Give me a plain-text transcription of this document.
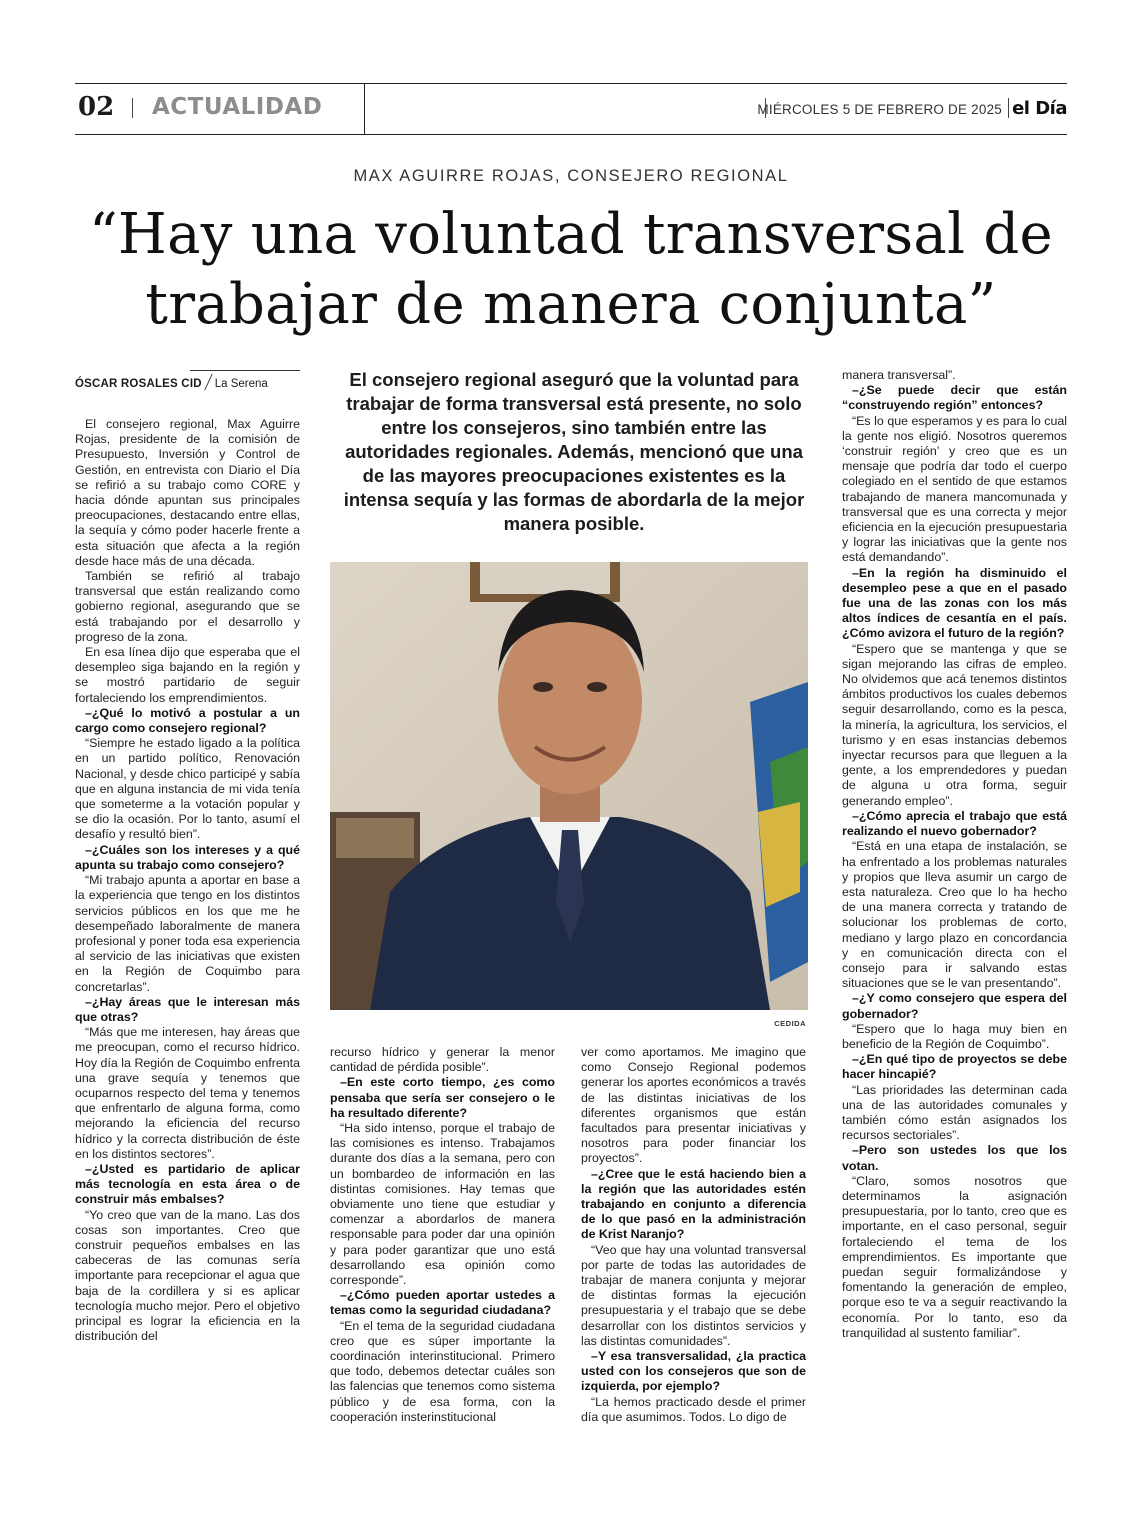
02 ACTUALIDAD	MIÉRCOLES 5 DE FEBRERO DE 2025 el Día
MAX AGUIRRE ROJAS, CONSEJERO REGIONAL
“Hay una voluntad transversal de trabajar de manera conjunta”
ÓSCAR ROSALES CID La Serena	El consejero regional aseguró que la voluntad para trabajar de forma transversal está presente, no solo entre los consejeros, sino también entre las autoridades regionales. Además, mencionó que una de las mayores preocupaciones existentes es la intensa sequía y las formas de abordarla de la mejor manera posible.
CEDIDA

El consejero regional, Max Aguirre Rojas, presidente de la comisión de Presupuesto, Inversión y Control de Gestión, en entrevista con Diario el Día se refirió a su trabajo como CORE y hacia dónde apuntan sus principales preocupaciones, destacando entre ellas, la sequía y cómo poder hacerle frente a esta situación que afecta a la región desde hace más de una década.

También se refirió al trabajo transversal que están realizando como gobierno regional, asegurando que se está trabajando por el desarrollo y progreso de la zona.

En esa línea dijo que esperaba que el desempleo siga bajando en la región y se mostró partidario de seguir fortaleciendo los emprendimientos.

–¿Qué lo motivó a postular a un cargo como consejero regional?

“Siempre he estado ligado a la política en un partido político, Renovación Nacional, y desde chico participé y sabía que en alguna instancia de mi vida tenía que someterme a la votación popular y se dio la ocasión. Por lo tanto, asumí el desafío y resultó bien”.

–¿Cuáles son los intereses y a qué apunta su trabajo como consejero?

“Mi trabajo apunta a aportar en base a la experiencia que tengo en los distintos servicios públicos en los que me he desempeñado laboralmente de manera profesional y poner toda esa experiencia al servicio de las iniciativas que existen en la Región de Coquimbo para concretarlas”.

–¿Hay áreas que le interesan más que otras?

“Más que me interesen, hay áreas que me preocupan, como el recurso hídrico. Hoy día la Región de Coquimbo enfrenta una grave sequía y tenemos que ocuparnos respecto del tema y tenemos que enfrentarlo de alguna forma, como mejorando la eficiencia del recurso hídrico y la correcta distribución de éste en los distintos sectores”.

–¿Usted es partidario de aplicar más tecnología en esta área o de construir más embalses?

“Yo creo que van de la mano. Las dos cosas son importantes. Creo que construir pequeños embalses en las cabeceras de las comunas sería importante para recepcionar el agua que baja de la cordillera y si es aplicar tecnología mucho mejor. Pero el objetivo principal es lograr la eficiencia en la distribución del

recurso hídrico y generar la menor cantidad de pérdida posible”.

–En este corto tiempo, ¿es como pensaba que sería ser consejero o le ha resultado diferente?

“Ha sido intenso, porque el trabajo de las comisiones es intenso. Trabajamos durante dos días a la semana, pero con un bombardeo de información en las distintas comisiones. Hay temas que obviamente uno tiene que estudiar y comenzar a abordarlos de manera responsable para poder dar una opinión y para poder garantizar que uno está desarrollando esa opinión como corresponde”.

–¿Cómo pueden aportar ustedes a temas como la seguridad ciudadana?

“En el tema de la seguridad ciudadana creo que es súper importante la coordinación interinstitucional. Primero que todo, debemos detectar cuáles son las falencias que tenemos como sistema público y de esa forma, con la cooperación insterinstitucional

ver como aportamos. Me imagino que como Consejo Regional podemos generar los aportes económicos a través de las distintas iniciativas de los diferentes organismos que están facultados para presentar iniciativas y nosotros para poder financiar los proyectos”.

–¿Cree que le está haciendo bien a la región que las autoridades estén trabajando en conjunto a diferencia de lo que pasó en la administración de Krist Naranjo?

“Veo que hay una voluntad transversal por parte de todas las autoridades de trabajar de manera conjunta y mejorar de distintas formas la ejecución presupuestaria y el trabajo que se debe desarrollar con los distintos servicios y las distintas comunidades”.

–Y esa transversalidad, ¿la practica usted con los consejeros que son de izquierda, por ejemplo?

“La hemos practicado desde el primer día que asumimos. Todos. Lo digo de

manera transversal”.

–¿Se puede decir que están “construyendo región” entonces?

“Es lo que esperamos y es para lo cual la gente nos eligió. Nosotros queremos ‘construir región’ y creo que es un mensaje que podría dar todo el cuerpo colegiado en el sentido de que estamos trabajando de manera mancomunada y transversal que es una correcta y mejor eficiencia en la ejecución presupuestaria y lograr las iniciativas que la gente nos está demandando”.

–En la región ha disminuido el desempleo pese a que en el pasado fue una de las zonas con los más altos índices de cesantía en el país. ¿Cómo avizora el futuro de la región?

“Espero que se mantenga y que se sigan mejorando las cifras de empleo. No olvidemos que acá tenemos distintos ámbitos productivos los cuales debemos seguir desarrollando, como es la pesca, la minería, la agricultura, los servicios, el turismo y en esas instancias debemos inyectar recursos para que lleguen a la gente, a los emprendedores y puedan de alguna u otra forma, seguir generando empleo”.

–¿Cómo aprecia el trabajo que está realizando el nuevo gobernador?

“Está en una etapa de instalación, se ha enfrentado a los problemas naturales y propios que lleva asumir un cargo de esta naturaleza. Creo que lo ha hecho de una manera correcta y tratando de solucionar los problemas de corto, mediano y largo plazo en concordancia y en comunicación directa con el consejo para ir salvando estas situaciones que se le van presentando”.

–¿Y como consejero que espera del gobernador?

“Espero que lo haga muy bien en beneficio de la Región de Coquimbo”.

–¿En qué tipo de proyectos se debe hacer hincapié?

“Las prioridades las determinan cada una de las autoridades comunales y también cómo están asignados los recursos sectoriales”.

–Pero son ustedes los que los votan.

“Claro, somos nosotros que determinamos la asignación presupuestaria, por lo tanto, creo que es importante, en el caso personal, seguir fortaleciendo el tema de los emprendimientos. Es importante que puedan seguir formalizándose y fomentando la generación de empleo, porque eso te va a seguir reactivando la economía. Por lo tanto, eso da tranquilidad al sustento familiar”.
